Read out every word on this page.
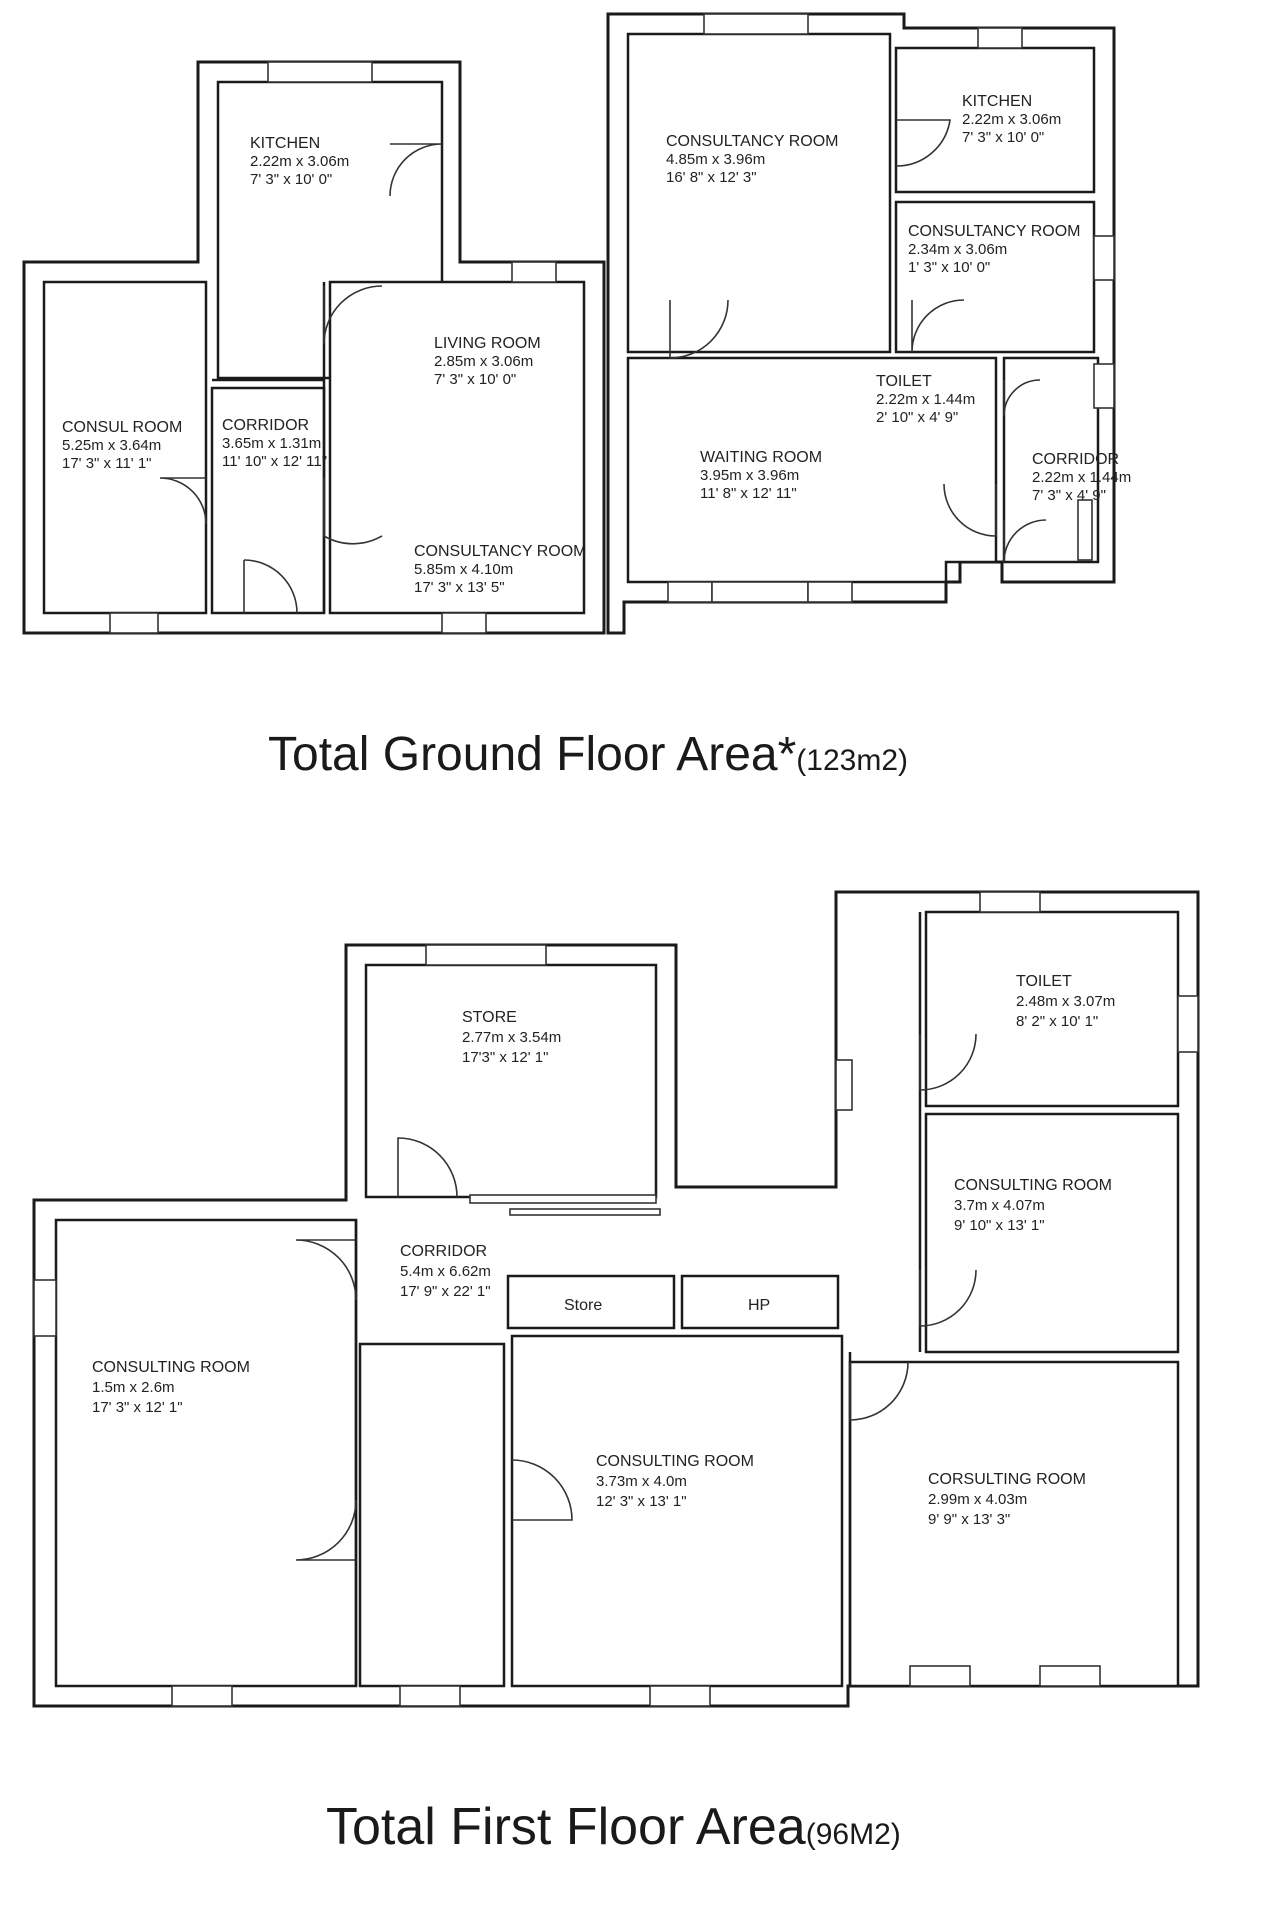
KITCHEN
2.22m x 3.06m
7' 3" x 10' 0"
CONSUL ROOM
5.25m x 3.64m
17' 3" x 11' 1"
CORRIDOR
3.65m x 1.31m
11' 10" x 12' 11"
LIVING ROOM
2.85m x 3.06m
7' 3" x 10' 0"
CONSULTANCY ROOM
5.85m x 4.10m
17' 3" x 13' 5"
CONSULTANCY ROOM
4.85m x 3.96m
16' 8" x 12' 3"
KITCHEN
2.22m x 3.06m
7' 3" x 10' 0"
CONSULTANCY ROOM
2.34m x 3.06m
1' 3" x 10' 0"
TOILET
2.22m x 1.44m
2' 10" x 4' 9"
WAITING ROOM
3.95m x 3.96m
11' 8" x 12' 11"
CORRIDOR
2.22m x 1.44m
7' 3" x 4' 9"
STORE
2.77m x 3.54m
17'3" x 12' 1"
TOILET
2.48m x 3.07m
8' 2" x 10' 1"
CONSULTING ROOM
3.7m x 4.07m
9' 10" x 13' 1"
CORRIDOR
5.4m x 6.62m
17' 9" x 22' 1"
Store	HP
CONSULTING ROOM
1.5m x 2.6m
17' 3" x 12' 1"
CONSULTING ROOM
3.73m x 4.0m
12' 3" x 13' 1"
CORSULTING ROOM
2.99m x 4.03m
9' 9" x 13' 3"
Total Ground Floor Area*(123m2)
Total First Floor Area(96M2)
